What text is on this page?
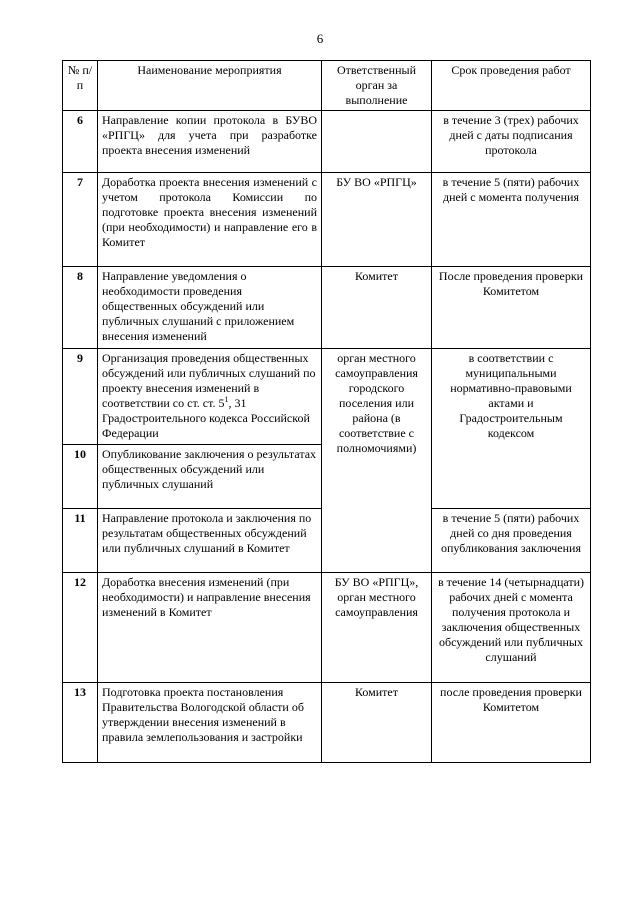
6
№ п/п	Наименование мероприятия	Ответственный орган за выполнение	Срок проведения работ
6	Направление копии протокола в БУВО «РПГЦ» для учета при разработке проекта внесения изменений		в течение 3 (трех) рабочих дней с даты подписания протокола
7	Доработка проекта внесения изменений с учетом протокола Комиссии по подготовке проекта внесения изменений (при необходимости) и направление его в Комитет	БУ ВО «РПГЦ»	в течение 5 (пяти) рабочих дней с момента получения
8	Направление уведомления о необходимости проведения общественных обсуждений или публичных слушаний с приложением внесения изменений	Комитет	После проведения проверки Комитетом
9	Организация проведения общественных обсуждений или публичных слушаний по проекту внесения изменений в соответствии со ст. ст. $5^1$, 31 Градостроительного кодекса Российской Федерации	орган местного самоуправления городского поселения или района (в соответствие с полномочиями)	в соответствии с муниципальными нормативно-правовыми актами и Градостроительным кодексом
10	Опубликование заключения о результатах общественных обсуждений или публичных слушаний		
11	Направление протокола и заключения по результатам общественных обсуждений или публичных слушаний в Комитет		в течение 5 (пяти) рабочих дней со дня проведения опубликования заключения
12	Доработка внесения изменений (при необходимости) и направление внесения изменений в Комитет	БУ ВО «РПГЦ», орган местного самоуправления	в течение 14 (четырнадцати) рабочих дней с момента получения протокола и заключения общественных обсуждений или публичных слушаний
13	Подготовка проекта постановления Правительства Вологодской области об утверждении внесения изменений в правила землепользования и застройки	Комитет	после проведения проверки Комитетом
